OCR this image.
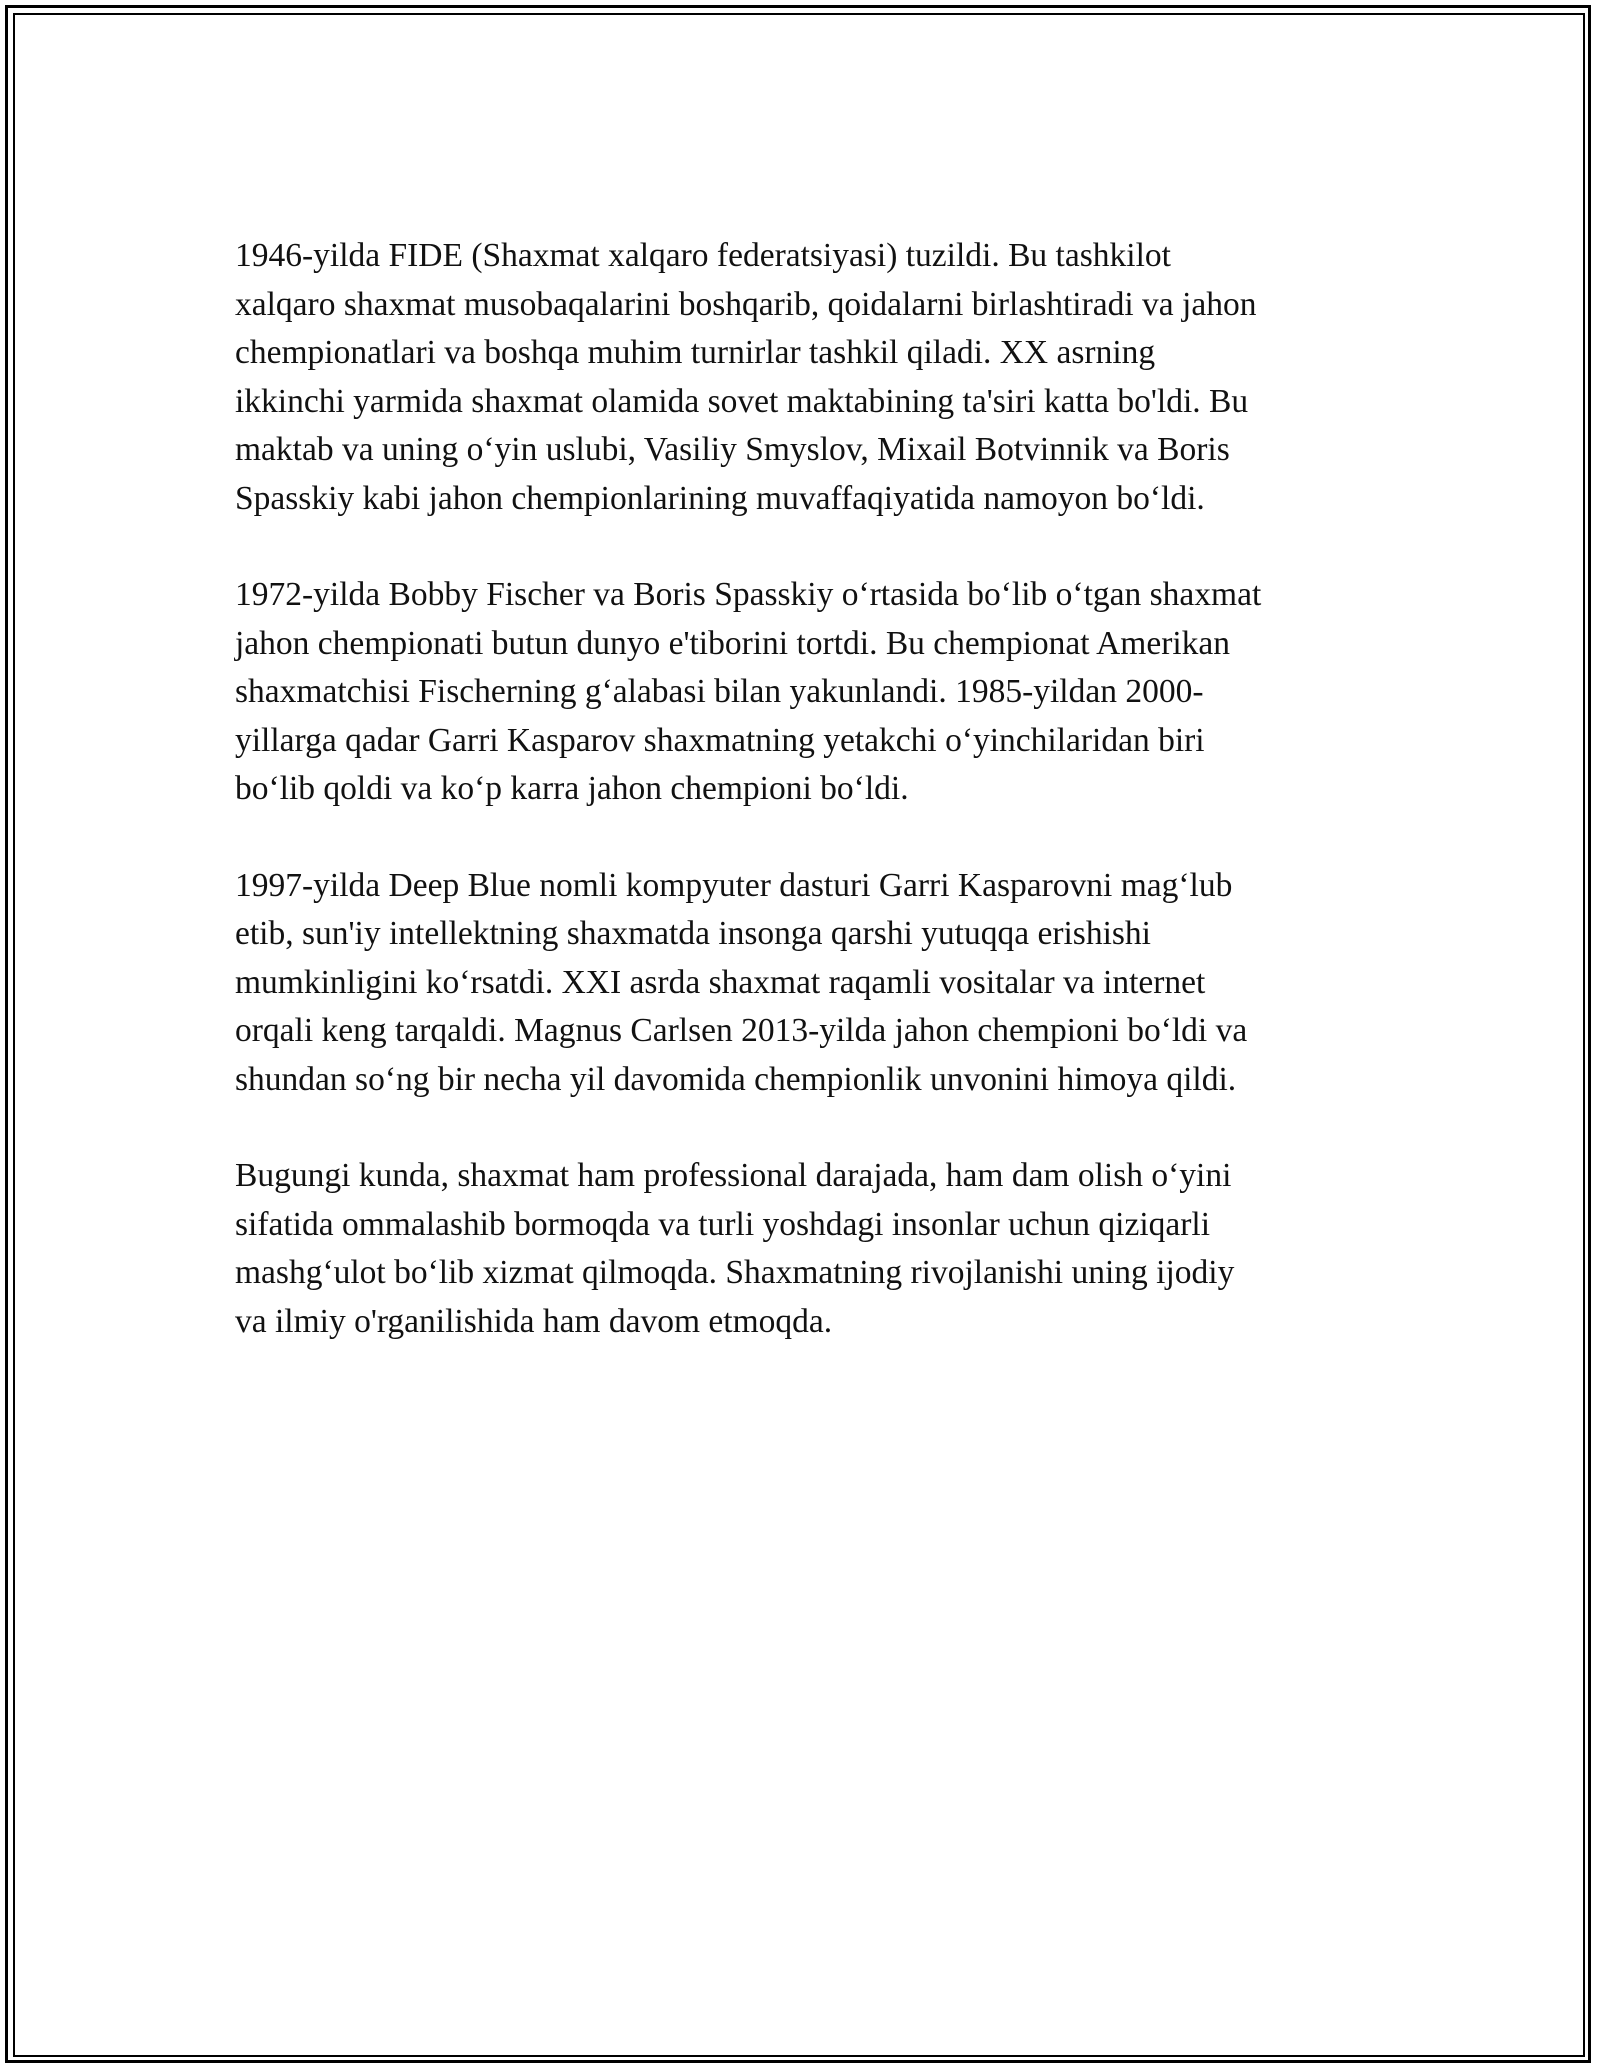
1946-yilda FIDE (Shaxmat xalqaro federatsiyasi) tuzildi. Bu tashkilot
xalqaro shaxmat musobaqalarini boshqarib, qoidalarni birlashtiradi va jahon
chempionatlari va boshqa muhim turnirlar tashkil qiladi. XX asrning
ikkinchi yarmida shaxmat olamida sovet maktabining ta'siri katta bo'ldi. Bu
maktab va uning o‘yin uslubi, Vasiliy Smyslov, Mixail Botvinnik va Boris
Spasskiy kabi jahon chempionlarining muvaffaqiyatida namoyon bo‘ldi.

1972-yilda Bobby Fischer va Boris Spasskiy o‘rtasida bo‘lib o‘tgan shaxmat
jahon chempionati butun dunyo e'tiborini tortdi. Bu chempionat Amerikan
shaxmatchisi Fischerning g‘alabasi bilan yakunlandi. 1985-yildan 2000-
yillarga qadar Garri Kasparov shaxmatning yetakchi o‘yinchilaridan biri
bo‘lib qoldi va ko‘p karra jahon chempioni bo‘ldi.

1997-yilda Deep Blue nomli kompyuter dasturi Garri Kasparovni mag‘lub
etib, sun'iy intellektning shaxmatda insonga qarshi yutuqqa erishishi
mumkinligini ko‘rsatdi. XXI asrda shaxmat raqamli vositalar va internet
orqali keng tarqaldi. Magnus Carlsen 2013-yilda jahon chempioni bo‘ldi va
shundan so‘ng bir necha yil davomida chempionlik unvonini himoya qildi.

Bugungi kunda, shaxmat ham professional darajada, ham dam olish o‘yini
sifatida ommalashib bormoqda va turli yoshdagi insonlar uchun qiziqarli
mashg‘ulot bo‘lib xizmat qilmoqda. Shaxmatning rivojlanishi uning ijodiy
va ilmiy o'rganilishida ham davom etmoqda.
